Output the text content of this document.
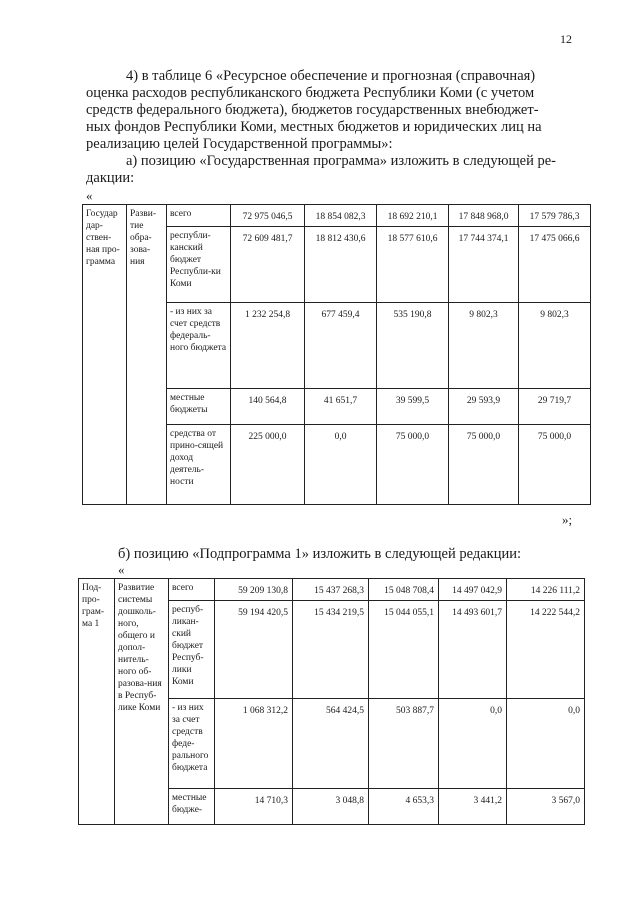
12
4) в таблице 6 «Ресурсное обеспечение и прогнозная (справочная)
оценка расходов республиканского бюджета Республики Коми (с учетом
средств федерального бюджета), бюджетов государственных внебюджет-
ных фондов Республики Коми, местных бюджетов и юридических лиц на
реализацию целей Государственной программы»:
а) позицию «Государственная программа» изложить в следующей ре-
дакции:
«
Государ дар-ствен-ная про-грамма	Разви-тие обра-зова-ния	всего	72 975 046,5	18 854 082,3	18 692 210,1	17 848 968,0	17 579 786,3
		республи-канский бюджет Республи-ки Коми	72 609 481,7	18 812 430,6	18 577 610,6	17 744 374,1	17 475 066,6
		- из них за счет средств федераль-ного бюджета	1 232 254,8	677 459,4	535 190,8	9 802,3	9 802,3
		местные бюджеты	140 564,8	41 651,7	39 599,5	29 593,9	29 719,7
		средства от прино-сящей доход деятель-ности	225 000,0	0,0	75 000,0	75 000,0	75 000,0
»;
б) позицию «Подпрограмма 1» изложить в следующей редакции:
«
Под-про-грам-ма 1	Развитие системы дошколь-ного, общего и допол-нитель-ного об-разова-ния в Респуб-лике Коми	всего	59 209 130,8	15 437 268,3	15 048 708,4	14 497 042,9	14 226 111,2
		респуб-ликан-ский бюджет Респуб-лики Коми	59 194 420,5	15 434 219,5	15 044 055,1	14 493 601,7	14 222 544,2
		- из них за счет средств феде-рального бюджета	1 068 312,2	564 424,5	503 887,7	0,0	0,0
		местные бюдже-	14 710,3	3 048,8	4 653,3	3 441,2	3 567,0
